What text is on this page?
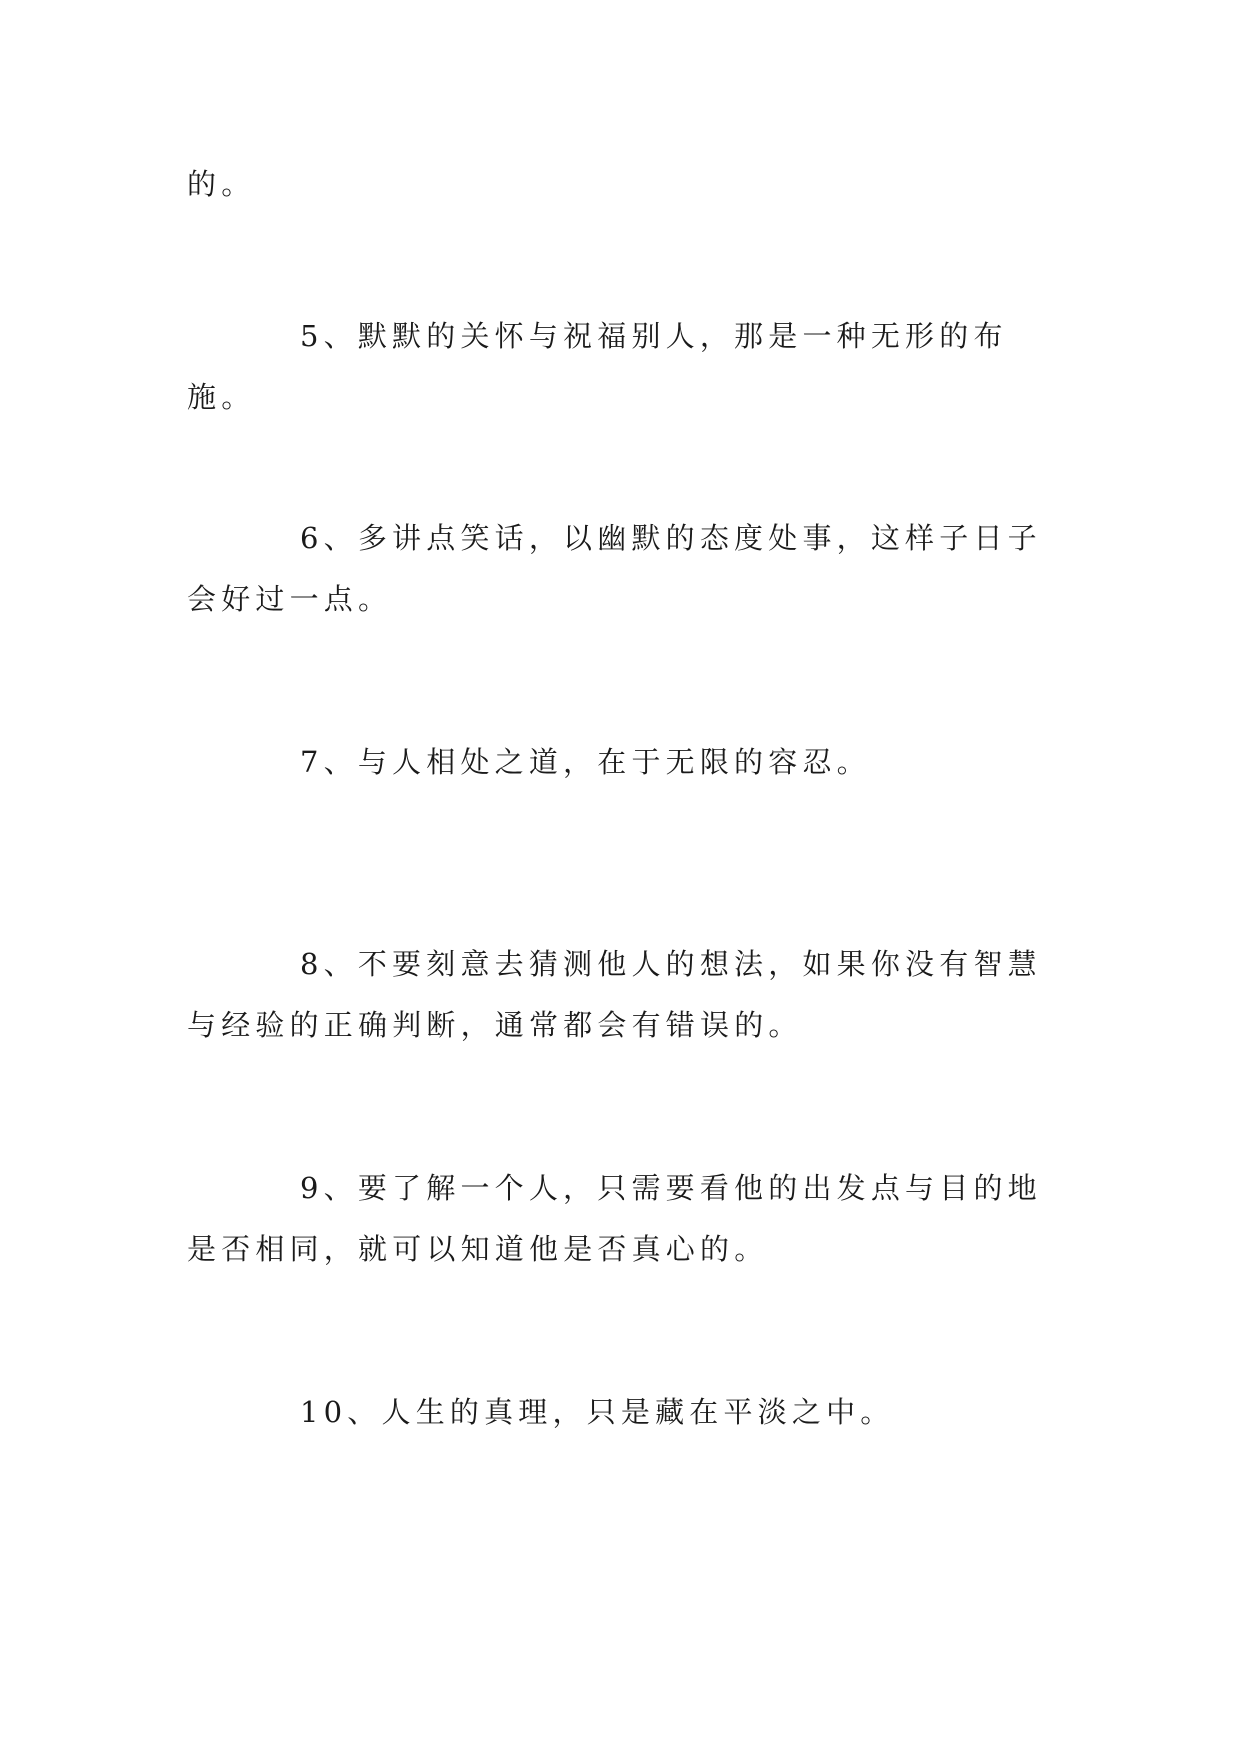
的。

5、默默的关怀与祝福别人，那是一种无形的布施。

6、多讲点笑话，以幽默的态度处事，这样子日子会好过一点。

7、与人相处之道，在于无限的容忍。

8、不要刻意去猜测他人的想法，如果你没有智慧与经验的正确判断，通常都会有错误的。

9、要了解一个人，只需要看他的出发点与目的地是否相同，就可以知道他是否真心的。

10、人生的真理，只是藏在平淡之中。
